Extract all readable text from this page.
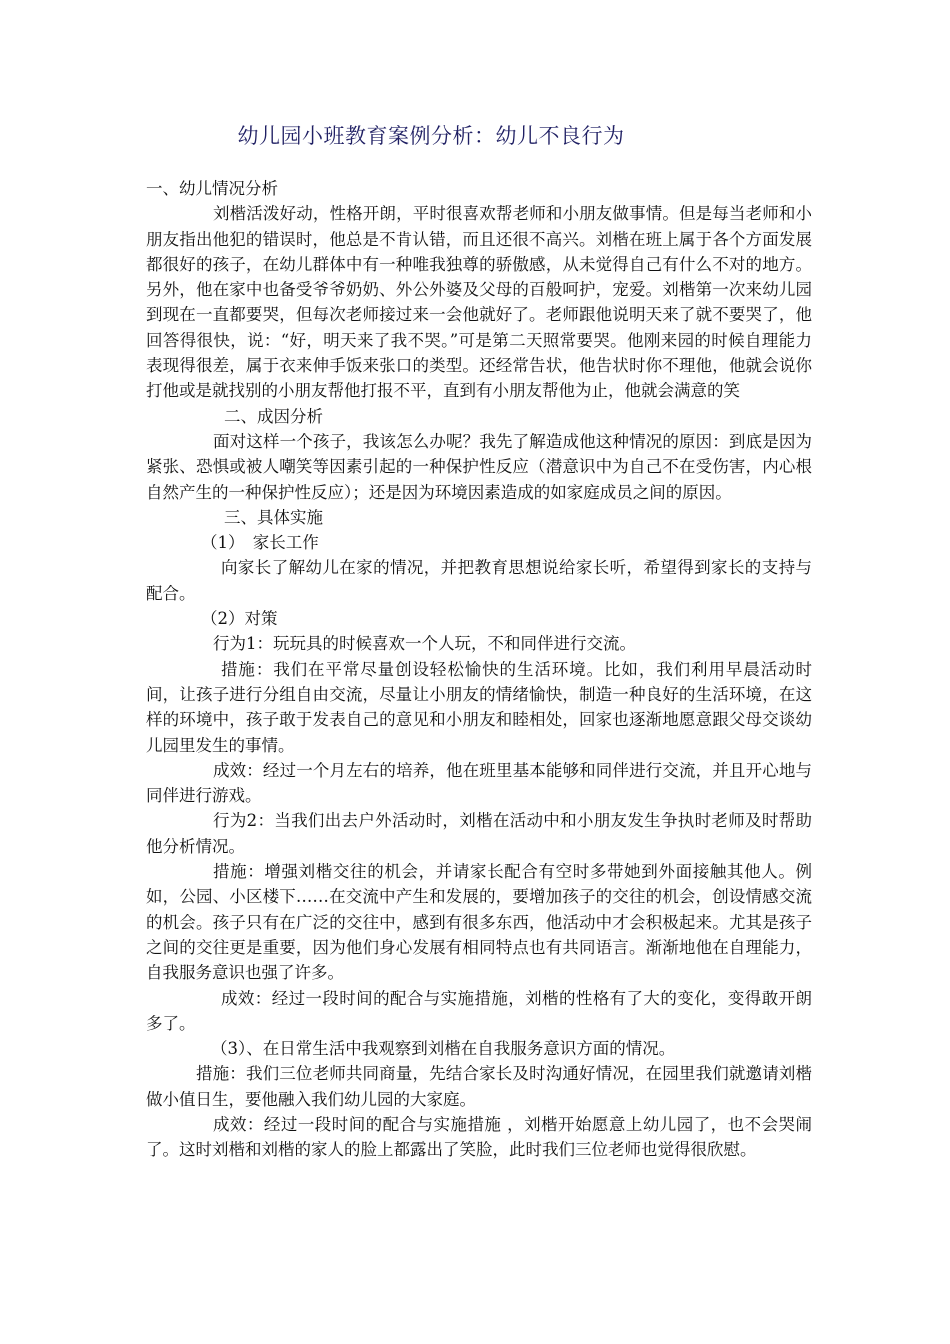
幼儿园小班教育案例分析：幼儿不良行为

一、幼儿情况分析

刘楷活泼好动，性格开朗，平时很喜欢帮老师和小朋友做事情。但是每当老师和小朋友指出他犯的错误时，他总是不肯认错，而且还很不高兴。刘楷在班上属于各个方面发展都很好的孩子，在幼儿群体中有一种唯我独尊的骄傲感，从未觉得自己有什么不对的地方。另外，他在家中也备受爷爷奶奶、外公外婆及父母的百般呵护，宠爱。刘楷第一次来幼儿园到现在一直都要哭，但每次老师接过来一会他就好了。老师跟他说明天来了就不要哭了，他回答得很快，说：“好，明天来了我不哭。”可是第二天照常要哭。他刚来园的时候自理能力表现得很差，属于衣来伸手饭来张口的类型。还经常告状，他告状时你不理他，他就会说你打他或是就找别的小朋友帮他打报不平，直到有小朋友帮他为止，他就会满意的笑

二、成因分析

面对这样一个孩子，我该怎么办呢？我先了解造成他这种情况的原因：到底是因为紧张、恐惧或被人嘲笑等因素引起的一种保护性反应（潜意识中为自己不在受伤害，内心根自然产生的一种保护性反应）；还是因为环境因素造成的如家庭成员之间的原因。

三、具体实施

（1）　家长工作

向家长了解幼儿在家的情况，并把教育思想说给家长听，希望得到家长的支持与配合。

（2）对策

行为1：玩玩具的时候喜欢一个人玩，不和同伴进行交流。

措施：我们在平常尽量创设轻松愉快的生活环境。比如，我们利用早晨活动时间，让孩子进行分组自由交流，尽量让小朋友的情绪愉快，制造一种良好的生活环境，在这样的环境中，孩子敢于发表自己的意见和小朋友和睦相处，回家也逐渐地愿意跟父母交谈幼儿园里发生的事情。

成效：经过一个月左右的培养，他在班里基本能够和同伴进行交流，并且开心地与同伴进行游戏。

行为2：当我们出去户外活动时，刘楷在活动中和小朋友发生争执时老师及时帮助他分析情况。

措施：增强刘楷交往的机会，并请家长配合有空时多带她到外面接触其他人。例如，公园、小区楼下……在交流中产生和发展的，要增加孩子的交往的机会，创设情感交流的机会。孩子只有在广泛的交往中，感到有很多东西，他活动中才会积极起来。尤其是孩子之间的交往更是重要，因为他们身心发展有相同特点也有共同语言。渐渐地他在自理能力，自我服务意识也强了许多。

成效：经过一段时间的配合与实施措施，刘楷的性格有了大的变化，变得敢开朗多了。

（3）、在日常生活中我观察到刘楷在自我服务意识方面的情况。

措施：我们三位老师共同商量，先结合家长及时沟通好情况，在园里我们就邀请刘楷做小值日生，要他融入我们幼儿园的大家庭。

成效：经过一段时间的配合与实施措施 ，刘楷开始愿意上幼儿园了，也不会哭闹了。这时刘楷和刘楷的家人的脸上都露出了笑脸，此时我们三位老师也觉得很欣慰。
